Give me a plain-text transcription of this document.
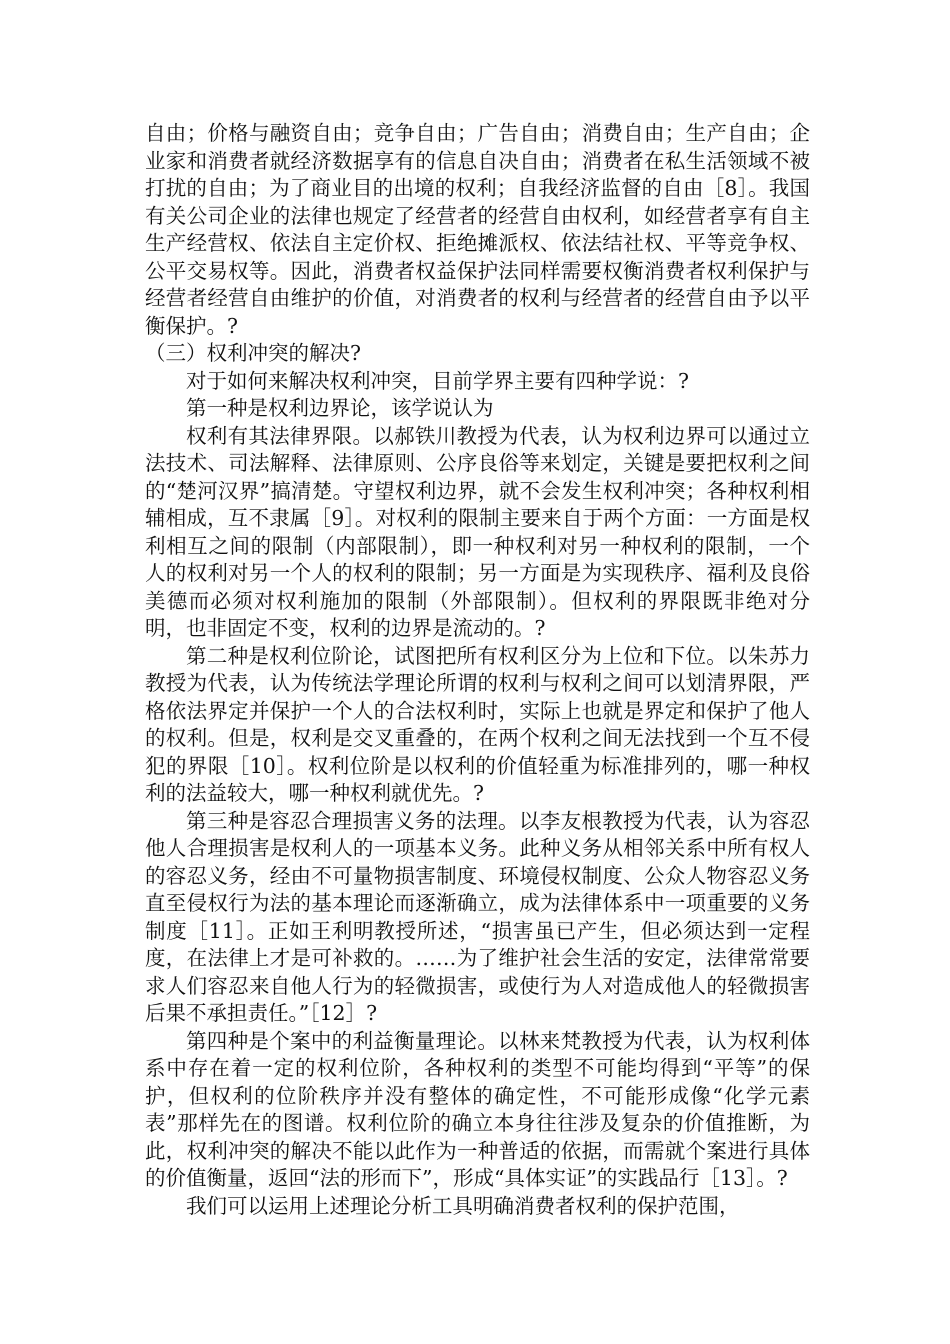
自由；价格与融资自由；竞争自由；广告自由；消费自由；生产自由；企业家和消费者就经济数据享有的信息自决自由；消费者在私生活领域不被打扰的自由；为了商业目的出境的权利；自我经济监督的自由［8］。我国有关公司企业的法律也规定了经营者的经营自由权利，如经营者享有自主生产经营权、依法自主定价权、拒绝摊派权、依法结社权、平等竞争权、公平交易权等。因此，消费者权益保护法同样需要权衡消费者权利保护与经营者经营自由维护的价值，对消费者的权利与经营者的经营自由予以平衡保护。?

（三）权利冲突的解决?

对于如何来解决权利冲突，目前学界主要有四种学说：?

第一种是权利边界论，该学说认为

权利有其法律界限。以郝铁川教授为代表，认为权利边界可以通过立法技术、司法解释、法律原则、公序良俗等来划定，关键是要把权利之间的“楚河汉界”搞清楚。守望权利边界，就不会发生权利冲突；各种权利相辅相成，互不隶属［9］。对权利的限制主要来自于两个方面：一方面是权利相互之间的限制（内部限制），即一种权利对另一种权利的限制，一个人的权利对另一个人的权利的限制；另一方面是为实现秩序、福利及良俗美德而必须对权利施加的限制（外部限制）。但权利的界限既非绝对分明，也非固定不变，权利的边界是流动的。?

第二种是权利位阶论，试图把所有权利区分为上位和下位。以朱苏力教授为代表，认为传统法学理论所谓的权利与权利之间可以划清界限，严格依法界定并保护一个人的合法权利时，实际上也就是界定和保护了他人的权利。但是，权利是交叉重叠的，在两个权利之间无法找到一个互不侵犯的界限［10］。权利位阶是以权利的价值轻重为标准排列的，哪一种权利的法益较大，哪一种权利就优先。?

第三种是容忍合理损害义务的法理。以李友根教授为代表，认为容忍他人合理损害是权利人的一项基本义务。此种义务从相邻关系中所有权人的容忍义务，经由不可量物损害制度、环境侵权制度、公众人物容忍义务直至侵权行为法的基本理论而逐渐确立，成为法律体系中一项重要的义务制度［11］。正如王利明教授所述，“损害虽已产生，但必须达到一定程度，在法律上才是可补救的。……为了维护社会生活的安定，法律常常要求人们容忍来自他人行为的轻微损害，或使行为人对造成他人的轻微损害后果不承担责任。”［12］?

第四种是个案中的利益衡量理论。以林来梵教授为代表，认为权利体系中存在着一定的权利位阶，各种权利的类型不可能均得到“平等”的保护，但权利的位阶秩序并没有整体的确定性，不可能形成像“化学元素表”那样先在的图谱。权利位阶的确立本身往往涉及复杂的价值推断，为此，权利冲突的解决不能以此作为一种普适的依据，而需就个案进行具体的价值衡量，返回“法的形而下”，形成“具体实证”的实践品行［13］。?

我们可以运用上述理论分析工具明确消费者权利的保护范围，
